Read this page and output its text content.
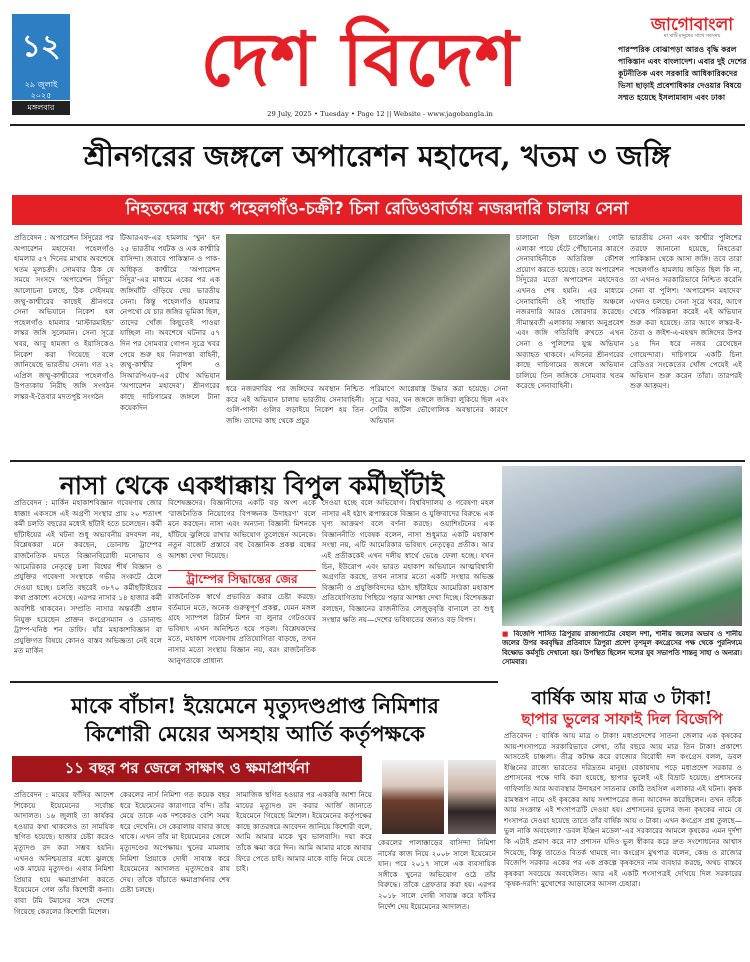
১২
২৯ জুলাই ২০২৫
মঙ্গলবার
দেশ বিদেশ
29 July, 2025 • Tuesday • Page 12 || Website - www.jagobangla.in
জাগোবাংলা
মা মাটি মানুষের সাথে সবসময়
পারস্পরিক বোঝাপড়া আরও বৃদ্ধি করল পাকিস্তান এবং বাংলাদেশ। এবার দুই দেশের কূটনীতিক এবং সরকারি আধিকারিকদের ভিসা ছাড়াই প্রবেশাধিকার দেওয়ার বিষয়ে সম্মত হয়েছে ইসলামাবাদ এবং ঢাকা
শ্রীনগরের জঙ্গলে অপারেশন মহাদেব, খতম ৩ জঙ্গি
নিহতদের মধ্যে পহেলগাঁও-চক্রী? চিনা রেডিওবার্তায় নজরদারি চালায় সেনা
প্রতিবেদন : অপারেশন সিঁদুরের পর অপারেশন মহাদেব! পহেলগাঁও হামলার ৫৭ দিনের মাথায় অবশেষে খতম মূলচক্রী। সোমবার ঠিক যে সময়ে সংসদে ‘অপারেশন সিঁদুর’ আলোচনা চলছে, ঠিক সেইসময় জম্মু-কাশ্মীরের কাছেই শ্রীনগরে সেনা অভিযানে নিকেশ হল পহেলগাঁও হামলার ‘মাস্টারমাইন্ড’ লস্কর জঙ্গি সুলেমান। সেনা সূত্রে খবর, আবু হামজা ও ইয়াসিকেও নিকেশ করা গিয়েছে বলে জানিয়েছে ভারতীয় সেনা। গত ২২ এপ্রিল জম্মু-কাশ্মীরের পহেলগাঁও উপত্যকায় নিরীহ জঙ্গি সংগঠন লস্কর-ই-তৈবার মদতপুষ্ট সংগঠন
টিআরএফ-এর হামলায় ‘খুন’ হন ২৫ ভারতীয় পর্যটক ও এক কাশ্মীরি বাসিন্দা। জবাবে পাকিস্তান ও পাক-অধিকৃত কাশ্মীরে ‘অপারেশন সিঁদুর’-এর মাধ্যমে একের পর এক জঙ্গিঘাঁটি গুঁড়িয়ে দেয় ভারতীয় সেনা। কিন্তু পহেলগাঁও হামলার নেপথ্যে যে চার জঙ্গির ভূমিকা ছিল, তাদের খোঁজ কিছুতেই পাওয়া যাচ্ছিল না। অবশেষে ঘটনার ৫৭ দিন পর সোমবার গোপন সূত্রে খবর পেয়ে শুরু হয় নিরাপত্তা বাহিনী, জম্মু-কাশ্মীর পুলিশ ও সিআরপিএফ-এর যৌথ অভিযান ‘অপারেশন মহাদেব’। শ্রীনগরের কাছে দাচিগামের জঙ্গলে টানা কয়েকদিন
ধরে নজরদারির পর জঙ্গিদের অবস্থান নিশ্চিত করে এই অভিযান চালায় ভারতীয় সেনাবাহিনী। গুলি-পাল্টা গুলির লড়াইয়ে নিকেশ হয় তিন জঙ্গি। তাদের কাছ থেকে প্রচুর
পরিমাণে আগ্নেয়াস্ত্র উদ্ধার করা হয়েছে। সেনা সূত্রে খবর, ঘন জঙ্গলে জঙ্গিরা লুকিয়ে ছিল এবং সেটির জটিল ভৌগোলিক অবস্থানের কারণে অভিযান
চালানো ছিল চ্যালেঞ্জিং। গোটা এলাকা পায়ে হেঁটে পৌঁছানোর কারণে সেনাবাহিনীকে অতিরিক্ত কৌশল প্রয়োগ করতে হয়েছে। তবে অপারেশন সিঁদুরের মতো অপারেশন মহাদেবও এখনও শেষ হয়নি। এর মাধ্যমে সেনাবাহিনী ওই পাহাড়ি অঞ্চলে নজরদারি আরও জোরদার করেছে। সীমান্তবর্তী এলাকায় সম্ভাব্য অনুপ্রবেশ এবং জঙ্গি গতিবিধি রুখতে এখন সেনা ও পুলিশের যুগ্ম অভিযান অব্যাহত থাকবে। এদিনের শ্রীনগরের কাছে দাচিগামের জঙ্গলে অভিযান চালিয়ে তিন জঙ্গিকে সোমবার খতম করেছে সেনাবাহিনী।
ভারতীয় সেনা এবং কাশ্মীর পুলিশের তরফে জানানো হয়েছে, নিহতেরা পাকিস্তান থেকে আসা জঙ্গি। তবে তারা পহেলগাঁও হামলায় জড়িত ছিল কি না, তা এখনও সরকারিভাবে নিশ্চিত করেনি সেনা বা পুলিশ। ‘অপারেশন মহাদেব’ এখনও চলছে। সেনা সূত্রে খবর, আগে থেকে পরিকল্পনা করেই এই অভিযান শুরু করা হয়েছে। তার আগে লস্কর-ই-তৈবা ও জইশ-এ-মহম্মদ জঙ্গিদের উপর ১৪ দিন ধরে নজর রেখেছেন গোয়েন্দারা। দাচিগামে একটি চিনা রেডিওর সংকেতের খোঁজ পেয়েই এই অভিযান শুরু করেন তাঁরা। তারপরই শুরু আক্রমণ।
নাসা থেকে একধাক্কায় বিপুল কর্মীছাঁটাই
প্রতিবেদন : মার্কিন মহাকাশবিজ্ঞান গবেষণায় জোর ধাক্কা! একসঙ্গে এই অগ্রণী সংস্থার প্রায় ২০ শতাংশ কর্মী চলতি বছরের মধ্যেই ছাঁটাই হতে চলেছেন। কর্মী ছাঁটাইয়ের এই ঘটনা শুধু অভাবনীয় রদবদল নয়, বিশ্লেষকরা মনে করছেন, ডোনাল্ড ট্রাম্পের রাজনৈতিক মদতে বিজ্ঞানবিরোধী মনোভাব ও আমেরিকার নেতৃত্বে চলা বিশ্বের শীর্ষ বিজ্ঞান ও প্রযুক্তির গবেষণা সংস্থাকে গভীর সংকটে ঠেলে দেওয়া হচ্ছে। চলতি বছরেই ৩৮৭০ কর্মীছাঁটাইয়ের কথা প্রকাশ্যে এসেছে। এরপর নাসার ১৪ হাজার কর্মী অবশিষ্ট থাকবেন। সম্প্রতি নাসার অন্তর্বর্তী প্রধান নিযুক্ত হয়েছেন প্রাক্তন কংগ্রেসম্যান ও ডোনাল্ড ট্রাম্প-ঘনিষ্ঠ শন ডাফি। যাঁর মহাকাশবিজ্ঞান বা প্রযুক্তিগত বিষয়ে কোনও বাস্তব অভিজ্ঞতা নেই বলে মত মার্কিন
বিশেষজ্ঞদের। বিজ্ঞানীদের একটি বড় অংশ একে ‘রাজনৈতিক নিয়োগের বিপজ্জনক উদাহরণ’ বলে মনে করছেন। নাসা এবং অন্যান্য বিজ্ঞানী মিশনকে হাঁটিয়ে ঝুলিয়ে রাখার অভিযোগ তুলেছেন অনেকে। নতুন বাজেট প্রস্তাবে বহু বৈজ্ঞানিক প্রকল্প বন্ধের আশঙ্কা দেখা দিয়েছে।
ট্রাম্পের সিদ্ধান্তের জের
রাজনৈতিক স্বার্থে প্রভাবিত করার চেষ্টা করছে। বর্তমানে মতে, অনেক গুরুত্বপূর্ণ প্রকল্প, যেমন মঙ্গল গ্রহে স্যাম্পল রিটার্ন মিশন বা লুনার গেটওয়ের ভবিষ্যৎ এখন অনিশ্চিত হয়ে পড়ল। বিশ্লেষকদের মতে, মহাকাশ গবেষণায় প্রতিযোগিতা বাড়ছে, তখন নাসার মতো সংস্থায় বিজ্ঞান নয়, বরং রাজনৈতিক আনুগত্যকে প্রাধান্য
দেওয়া হচ্ছে বলে অভিযোগ। বিশ্ববিদ্যালয় ও গবেষণা মহল নাসার এই হঠাৎ রূপান্তরকে বিজ্ঞান ও যুক্তিবাদের বিরুদ্ধে এক ঘৃণ্য আক্রমণ বলে বর্ণনা করছে। ওয়াশিংটনের এক বিজ্ঞাননীতি গবেষক বলেন, নাসা শুধুমাত্র একটি মহাকাশ সংস্থা নয়, এটি আমেরিকার ভবিষ্যৎ নেতৃত্বের প্রতীক। আর এই প্রতীককেই এখন দলীয় স্বার্থে ভেঙে ফেলা হচ্ছে। যখন চিন, ইউরোপ এবং ভারত মহাকাশ অভিযানে আত্মবিশ্বাসী অগ্রগতি করছে, তখন নাসার মতো একটি সংস্থার অভিজ্ঞ বিজ্ঞানী ও প্রযুক্তিবিদদের হঠাৎ ছাঁটাইয়ে আমেরিকা মহাকাশ প্রতিযোগিতায় পিছিয়ে পড়ার আশঙ্কা দেখা দিচ্ছে। বিশেষজ্ঞরা বলছেন, বিজ্ঞানের রাজনীতির লেজুড়বৃত্তি বানালে তা শুধু সংস্থার ক্ষতি নয়—দেশের ভবিষ্যতের জন্যও বড় বিপদ।
■ বিজেপি শাসিত ত্রিপুরায় রাজ্যপাটের বেহাল দশা, শানীয় জলের অভাব ও শানীয় জলের উপর করবৃদ্ধির প্রতিবাদে ত্রিপুরা প্রদেশ তৃণমূল কংগ্রেসের পক্ষ থেকে পুরনিগমে বিক্ষোভ কর্মসূচি দেখানো হয়। উপস্থিত ছিলেন দলের যুব সভাপতি শান্তনু সাহা ও অন্যরা। সোমবার।
বার্ষিক আয় মাত্র ৩ টাকা!
ছাপার ভুলের সাফাই দিল বিজেপি
প্রতিবেদন : বার্ষিক আয় মাত্র ৩ টাকা! মধ্যপ্রদেশের সাতনা জেলার এক কৃষকের আয়-শংসাপত্রে সরকারিভাবে লেখা, তাঁর বছরে আয় মাত্র তিন টাকা! প্রকাশ্যে আসতেই চাঞ্চল্য। তীব্র কটাক্ষ করে রাজ্যের বিরোধী দল কংগ্রেস বলল, ডবল ইঞ্জিনের রাজ্যে ভারতের দরিদ্রতম মানুষ! বেকায়দায় পড়ে মধ্যপ্রদেশ সরকার ও প্রশাসনের পক্ষে দাবি করা হয়েছে, ছাপার ভুলেই এই বিভ্রাট হয়েছে। প্রশাসনের গাফিলতি আর অব্যবস্থার উদাহরণ সাতনার কোঠি তহসিল এলাকার এই ঘটনা। কৃষক রামস্বরূপ নামে ওই কৃষকের আয় সংশাপত্রের জন্য আবেদন করেছিলেন। তখন তাঁকে আয় সংক্রান্ত এই শংসাপত্রটি দেওয়া হয়। প্রশাসনের ভুলের জন্য কৃষকের নামে যে শংসাপত্র দেওয়া হয়েছে তাতে তাঁর বার্ষিক আয় ৩ টাকা। এখন কংগ্রেস প্রশ্ন তুলছে—ভুল নাকি অবহেলা? ‘ডবল ইঞ্জিন মডেল’-এর সরকারের আমলে কৃষকের এমন দুর্দশা কি এটাই প্রমাণ করে না? প্রশাসন যদিও ভুল স্বীকার করে দ্রুত সংশোধনের আশ্বাস দিয়েছে, কিন্তু তাতেও বিতর্ক থামছে না। কংগ্রেস মুখপাত্র বলেন, কেন্দ্র ও রাজ্যের বিজেপি সরকার একের পর এক প্রকল্পে কৃষকদের নাম ব্যবহার করছে, অথচ বাস্তবে কৃষকরা সবচেয়ে অবহেলিত। আর এই একটি শংসাপত্রই দেখিয়ে দিল সরকারের ‘কৃষক-দরদি’ মুখোশের আড়ালের আসল চেহারা।
মাকে বাঁচান! ইয়েমেনে মৃত্যুদণ্ডপ্রাপ্ত নিমিশার
কিশোরী মেয়ের অসহায় আর্তি কর্তৃপক্ষকে
১১ বছর পর জেলে সাক্ষাৎ ও ক্ষমাপ্রার্থনা
প্রতিবেদন : মায়ের ফাঁসির আদেশ শিকেয়ে ইয়েমেনের সর্বোচ্চ আদালত। ১৬ জুলাই তা কার্যকর হওয়ার কথা থাকলেও তা সাময়িক স্থগিত হয়েছে। হাজার চেষ্টা করেও মৃত্যুদণ্ড রদ করা সম্ভব হয়নি। এখনও অনিশ্চয়তার মধ্যে ঝুলছে এক মায়ের মৃত্যুদণ্ড। এবার নিমিশা প্রিয়ার হয়ে ক্ষমাপ্রার্থনা করতে ইয়েমেনে গেল তাঁর কিশোরী কন্যা। বাবা টমি টমাসের সঙ্গে দেশের গিয়েছে কেরলের কিশোরী মিশেল।
কেরলের নার্স নিমিশা গত কয়েক বছর ধরে ইয়েমেনের কারাগারে বন্দি। তাঁর মেয়ে তাকে এক দশকেরও বেশি সময় ধরে দেখেনি। সে কেরালায় বাবার কাছে থাকে। এখন তাঁর মা ইয়েমেনের জেলে মৃত্যুদণ্ডের অপেক্ষায়। খুনের মামলায় নিমিশা প্রিয়াকে দোষী সাব্যস্ত করে ইয়েমেনের আদালত মৃত্যুদণ্ডের রায় দেয়। তাঁকে বাঁচাতে ক্ষমাপ্রার্থনার শেষ চেষ্টা চলছে।
সামাজিক স্থগিত হওয়ার পর একরত্তি আশা নিয়ে মায়ের মৃত্যুদণ্ড রদ করার আর্জি জানাতে ইয়েমেনে গিয়েছে মিশেল। ইয়েমেনের কর্তৃপক্ষের কাছে কাতরস্বরে আবেদন জানিয়ে কিশোরী বলে, আমি আমার মাকে খুব ভালবাসি। দয়া করে তাঁকে ক্ষমা করে দিন। আমি আমার মাকে আবার ফিরে পেতে চাই। আমার মাকে বাড়ি নিয়ে যেতে চাই।
কেরলের পালাক্কাড়ের বাসিন্দা নিমিশা নার্সের কাজ নিয়ে ২০০৮ সালে ইয়েমেনে যান। পরে ২০১৭ সালে এক ব্যবসায়িক সঙ্গীকে খুনের অভিযোগ ওঠে তাঁর বিরুদ্ধে। তাঁকে গ্রেফতার করা হয়। এরপর ২০১৮ সালে দোষী সাব্যস্ত করে ফাঁসির নির্দেশ দেয় ইয়েমেনের আদালত।
